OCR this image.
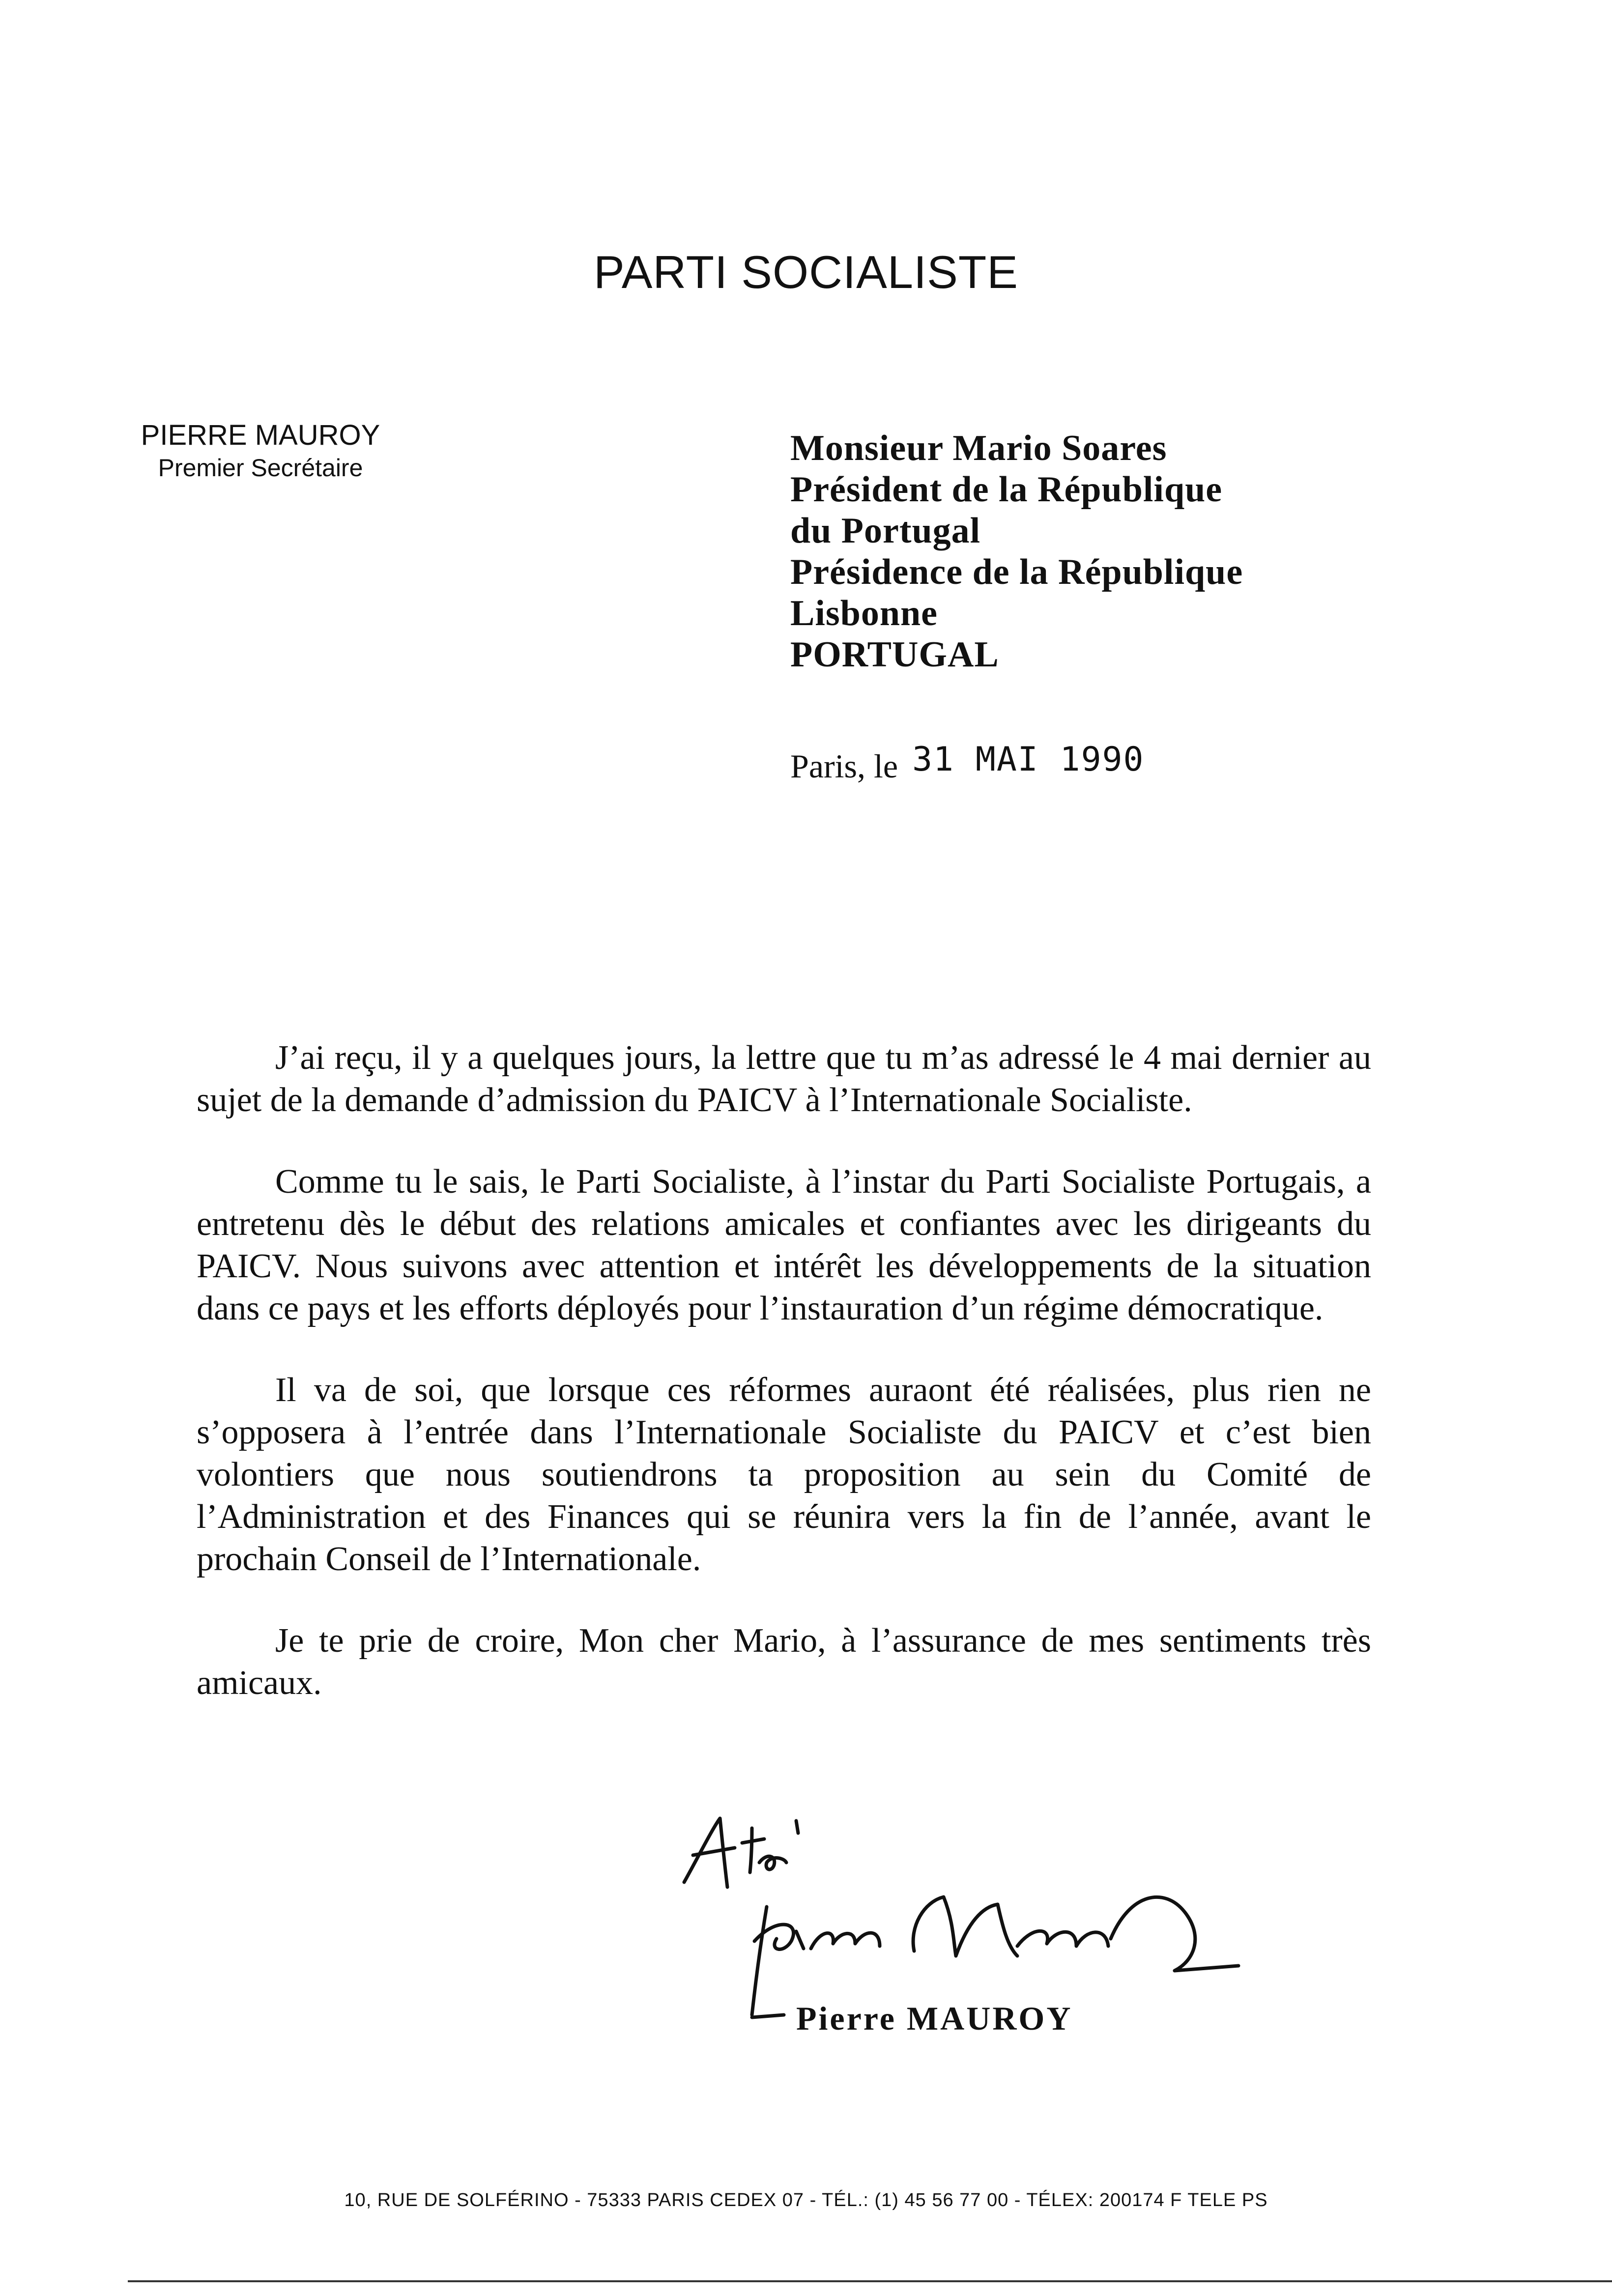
PARTI SOCIALISTE
PIERRE MAUROY
Premier Secrétaire	Monsieur Mario Soares
Président de la République
du Portugal
Présidence de la République
Lisbonne
PORTUGAL
Paris, le 31 MAI 1990

J’ai reçu, il y a quelques jours, la lettre que tu m’as adressé le 4 mai dernier au sujet de la demande d’admission du PAICV à l’Internationale Socialiste.

Comme tu le sais, le Parti Socialiste, à l’instar du Parti Socialiste Portugais, a entretenu dès le début des relations amicales et confiantes avec les dirigeants du PAICV. Nous suivons avec attention et intérêt les développements de la situation dans ce pays et les efforts déployés pour l’instauration d’un régime démocratique.

Il va de soi, que lorsque ces réformes auraont été réalisées, plus rien ne s’opposera à l’entrée dans l’Internationale Socialiste du PAICV et c’est bien volontiers que nous soutiendrons ta proposition au sein du Comité de l’Administration et des Finances qui se réunira vers la fin de l’année, avant le prochain Conseil de l’Internationale.

Je te prie de croire, Mon cher Mario, à l’assurance de mes sentiments très amicaux.

Pierre MAUROY
10, RUE DE SOLFÉRINO - 75333 PARIS CEDEX 07 - TÉL.: (1) 45 56 77 00 - TÉLEX: 200174 F TELE PS
